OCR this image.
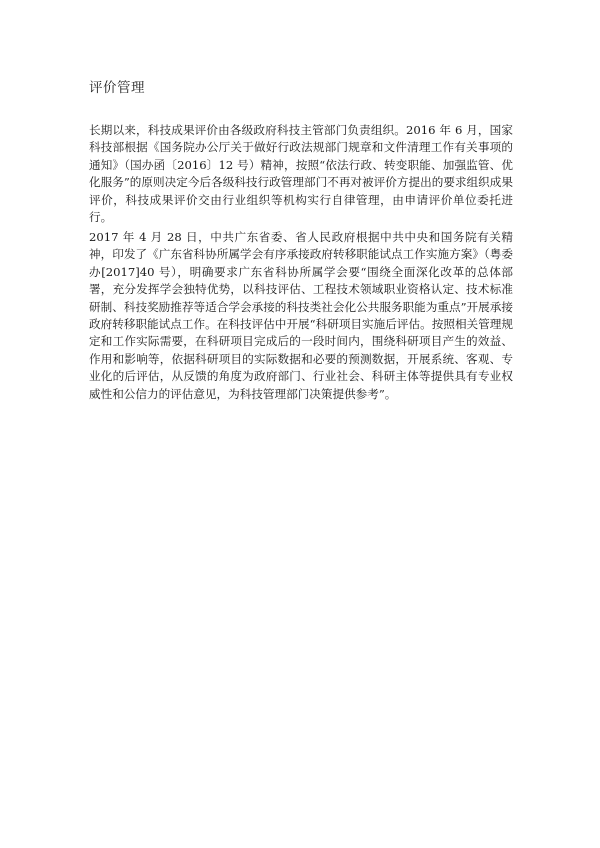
评价管理

长期以来，科技成果评价由各级政府科技主管部门负责组织。2016 年 6 月，国家科技部根据《国务院办公厅关于做好行政法规部门规章和文件清理工作有关事项的通知》（国办函〔2016〕12 号）精神，按照“依法行政、转变职能、加强监管、优化服务”的原则决定今后各级科技行政管理部门不再对被评价方提出的要求组织成果评价，科技成果评价交由行业组织等机构实行自律管理，由申请评价单位委托进行。

2017 年 4 月 28 日，中共广东省委、省人民政府根据中共中央和国务院有关精神，印发了《广东省科协所属学会有序承接政府转移职能试点工作实施方案》（粤委办[2017]40 号），明确要求广东省科协所属学会要“围绕全面深化改革的总体部署，充分发挥学会独特优势，以科技评估、工程技术领域职业资格认定、技术标准研制、科技奖励推荐等适合学会承接的科技类社会化公共服务职能为重点”开展承接政府转移职能试点工作。在科技评估中开展“科研项目实施后评估。按照相关管理规定和工作实际需要，在科研项目完成后的一段时间内，围绕科研项目产生的效益、作用和影响等，依据科研项目的实际数据和必要的预测数据，开展系统、客观、专业化的后评估，从反馈的角度为政府部门、行业社会、科研主体等提供具有专业权威性和公信力的评估意见，为科技管理部门决策提供参考”。
